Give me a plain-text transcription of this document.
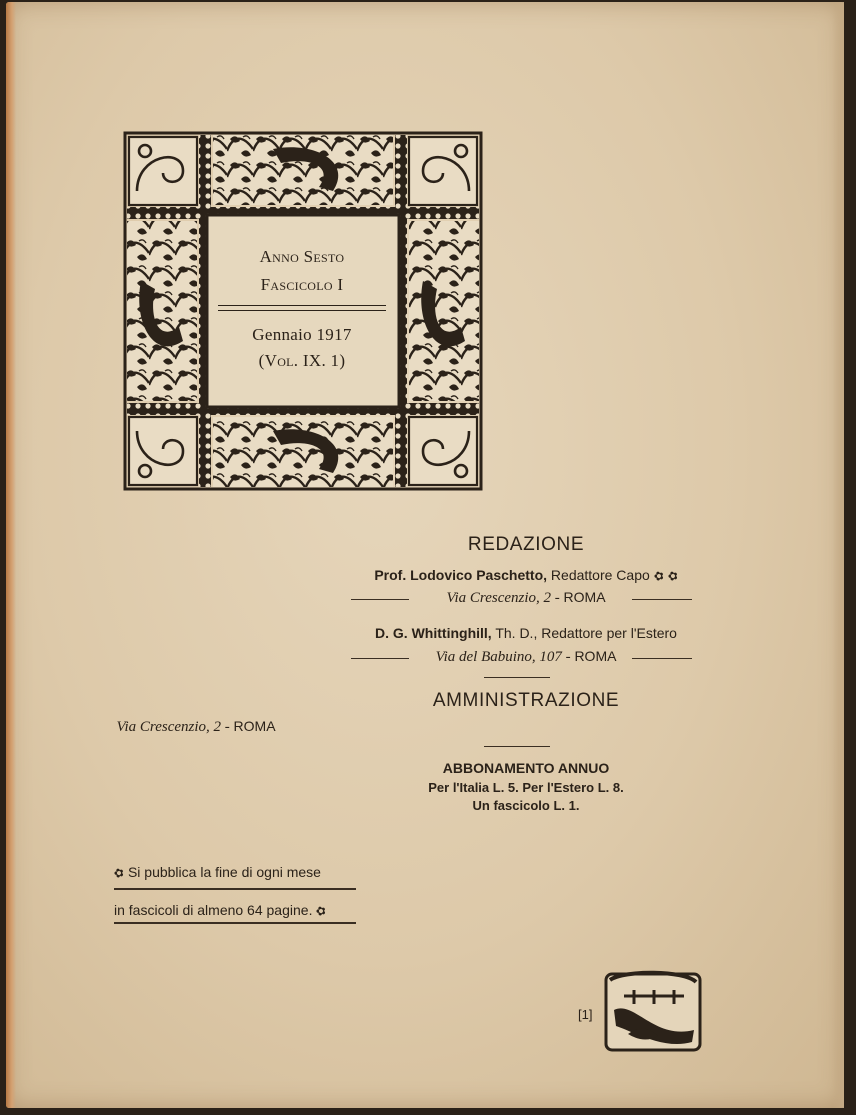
Anno Sesto
Fascicolo I
Gennaio 1917
(Vol. IX. 1)
REDAZIONE
Prof. Lodovico Paschetto, Redattore Capo ✿ ✿
Via Crescenzio, 2 - ROMA
D. G. Whittinghill, Th. D., Redattore per l'Estero
Via del Babuino, 107 - ROMA
AMMINISTRAZIONE
Via Crescenzio, 2 - ROMA
ABBONAMENTO ANNUO
Per l'Italia L. 5. Per l'Estero L. 8.
Un fascicolo L. 1.
✿ Si pubblica la fine di ogni mese
in fascicoli di almeno 64 pagine. ✿
[1]
